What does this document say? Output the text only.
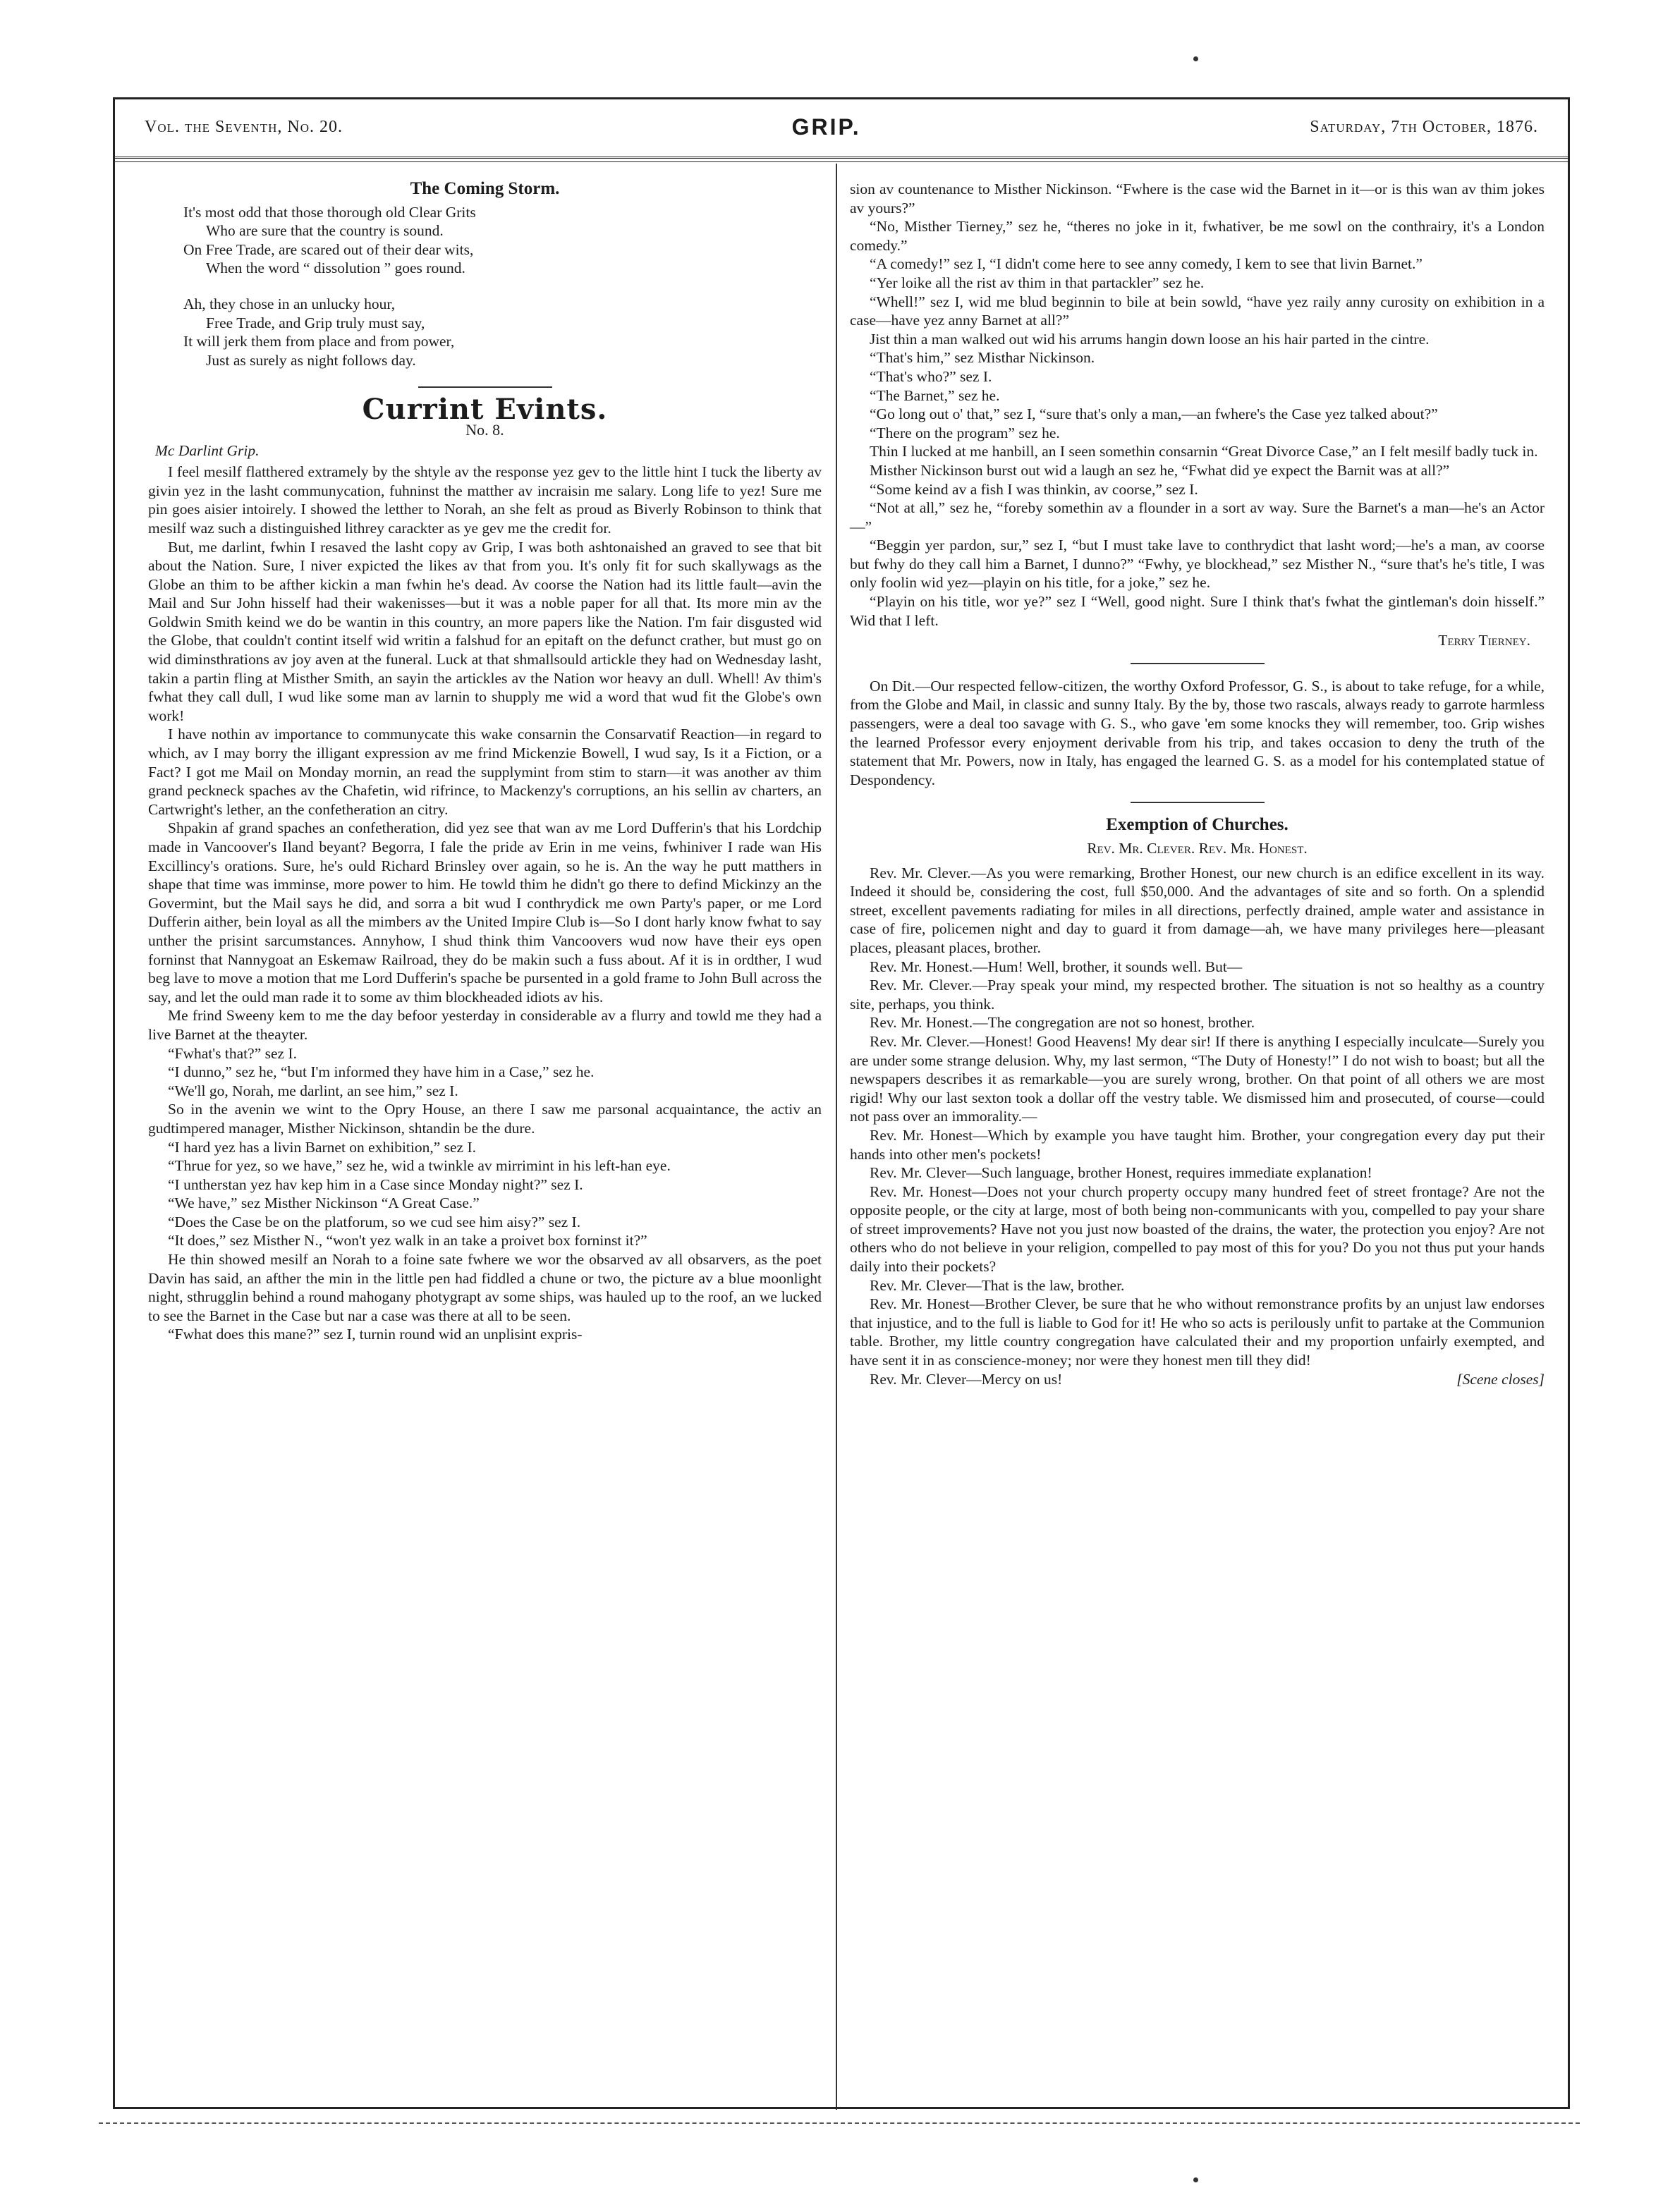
Vol. the Seventh, No. 20.	GRIP.	Saturday, 7th October, 1876.
The Coming Storm.

It's most odd that those thorough old Clear Grits

Who are sure that the country is sound.

On Free Trade, are scared out of their dear wits,

When the word “ dissolution ” goes round.

Ah, they chose in an unlucky hour,

Free Trade, and Grip truly must say,

It will jerk them from place and from power,

Just as surely as night follows day.

Currint Evints.
No. 8.
Mc Darlint Grip.

I feel mesilf flatthered extramely by the shtyle av the response yez gev to the little hint I tuck the liberty av givin yez in the lasht communycation, fuhninst the matther av incraisin me salary. Long life to yez! Sure me pin goes aisier intoirely. I showed the letther to Norah, an she felt as proud as Biverly Robinson to think that mesilf waz such a distinguished lithrey carackter as ye gev me the credit for.

But, me darlint, fwhin I resaved the lasht copy av Grip, I was both ashtonaished an graved to see that bit about the Nation. Sure, I niver expicted the likes av that from you. It's only fit for such skallywags as the Globe an thim to be afther kickin a man fwhin he's dead. Av coorse the Nation had its little fault—avin the Mail and Sur John hisself had their wakenisses—but it was a noble paper for all that. Its more min av the Goldwin Smith keind we do be wantin in this country, an more papers like the Nation. I'm fair disgusted wid the Globe, that couldn't contint itself wid writin a falshud for an epitaft on the defunct crather, but must go on wid diminsthrations av joy aven at the funeral. Luck at that shmallsould artickle they had on Wednesday lasht, takin a partin fling at Misther Smith, an sayin the artickles av the Nation wor heavy an dull. Whell! Av thim's fwhat they call dull, I wud like some man av larnin to shupply me wid a word that wud fit the Globe's own work!

I have nothin av importance to communycate this wake consarnin the Consarvatif Reaction—in regard to which, av I may borry the illigant expression av me frind Mickenzie Bowell, I wud say, Is it a Fiction, or a Fact? I got me Mail on Monday mornin, an read the supplymint from stim to starn—it was another av thim grand peckneck spaches av the Chafetin, wid rifrince, to Mackenzy's corruptions, an his sellin av charters, an Cartwright's lether, an the confetheration an citry.

Shpakin af grand spaches an confetheration, did yez see that wan av me Lord Dufferin's that his Lordchip made in Vancoover's Iland beyant? Begorra, I fale the pride av Erin in me veins, fwhiniver I rade wan His Excillincy's orations. Sure, he's ould Richard Brinsley over again, so he is. An the way he putt matthers in shape that time was imminse, more power to him. He towld thim he didn't go there to defind Mickinzy an the Govermint, but the Mail says he did, and sorra a bit wud I conthrydick me own Party's paper, or me Lord Dufferin aither, bein loyal as all the mimbers av the United Impire Club is—So I dont harly know fwhat to say unther the prisint sarcumstances. Annyhow, I shud think thim Vancoovers wud now have their eys open forninst that Nannygoat an Eskemaw Railroad, they do be makin such a fuss about. Af it is in ordther, I wud beg lave to move a motion that me Lord Dufferin's spache be pursented in a gold frame to John Bull across the say, and let the ould man rade it to some av thim blockheaded idiots av his.

Me frind Sweeny kem to me the day befoor yesterday in considerable av a flurry and towld me they had a live Barnet at the theayter.

“Fwhat's that?” sez I.

“I dunno,” sez he, “but I'm informed they have him in a Case,” sez he.

“We'll go, Norah, me darlint, an see him,” sez I.

So in the avenin we wint to the Opry House, an there I saw me parsonal acquaintance, the activ an gudtimpered manager, Misther Nickinson, shtandin be the dure.

“I hard yez has a livin Barnet on exhibition,” sez I.

“Thrue for yez, so we have,” sez he, wid a twinkle av mirrimint in his left-han eye.

“I untherstan yez hav kep him in a Case since Monday night?” sez I.

“We have,” sez Misther Nickinson “A Great Case.”

“Does the Case be on the platforum, so we cud see him aisy?” sez I.

“It does,” sez Misther N., “won't yez walk in an take a proivet box forninst it?”

He thin showed mesilf an Norah to a foine sate fwhere we wor the obsarved av all obsarvers, as the poet Davin has said, an afther the min in the little pen had fiddled a chune or two, the picture av a blue moonlight night, sthrugglin behind a round mahogany photygrapt av some ships, was hauled up to the roof, an we lucked to see the Barnet in the Case but nar a case was there at all to be seen.

“Fwhat does this mane?” sez I, turnin round wid an unplisint expris-

sion av countenance to Misther Nickinson. “Fwhere is the case wid the Barnet in it—or is this wan av thim jokes av yours?”

“No, Misther Tierney,” sez he, “theres no joke in it, fwhativer, be me sowl on the conthrairy, it's a London comedy.”

“A comedy!” sez I, “I didn't come here to see anny comedy, I kem to see that livin Barnet.”

“Yer loike all the rist av thim in that partackler” sez he.

“Whell!” sez I, wid me blud beginnin to bile at bein sowld, “have yez raily anny curosity on exhibition in a case—have yez anny Barnet at all?”

Jist thin a man walked out wid his arrums hangin down loose an his hair parted in the cintre.

“That's him,” sez Misthar Nickinson.

“That's who?” sez I.

“The Barnet,” sez he.

“Go long out o' that,” sez I, “sure that's only a man,—an fwhere's the Case yez talked about?”

“There on the program” sez he.

Thin I lucked at me hanbill, an I seen somethin consarnin “Great Divorce Case,” an I felt mesilf badly tuck in.

Misther Nickinson burst out wid a laugh an sez he, “Fwhat did ye expect the Barnit was at all?”

“Some keind av a fish I was thinkin, av coorse,” sez I.

“Not at all,” sez he, “foreby somethin av a flounder in a sort av way. Sure the Barnet's a man—he's an Actor—”

“Beggin yer pardon, sur,” sez I, “but I must take lave to conthrydict that lasht word;—he's a man, av coorse but fwhy do they call him a Barnet, I dunno?” “Fwhy, ye blockhead,” sez Misther N., “sure that's he's title, I was only foolin wid yez—playin on his title, for a joke,” sez he.

“Playin on his title, wor ye?” sez I “Well, good night. Sure I think that's fwhat the gintleman's doin hisself.” Wid that I left.

Terry Tierney.

On Dit.—Our respected fellow-citizen, the worthy Oxford Professor, G. S., is about to take refuge, for a while, from the Globe and Mail, in classic and sunny Italy. By the by, those two rascals, always ready to garrote harmless passengers, were a deal too savage with G. S., who gave 'em some knocks they will remember, too. Grip wishes the learned Professor every enjoyment derivable from his trip, and takes occasion to deny the truth of the statement that Mr. Powers, now in Italy, has engaged the learned G. S. as a model for his contemplated statue of Despondency.

Exemption of Churches.
Rev. Mr. Clever. Rev. Mr. Honest.

Rev. Mr. Clever.—As you were remarking, Brother Honest, our new church is an edifice excellent in its way. Indeed it should be, considering the cost, full $50,000. And the advantages of site and so forth. On a splendid street, excellent pavements radiating for miles in all directions, perfectly drained, ample water and assistance in case of fire, policemen night and day to guard it from damage—ah, we have many privileges here—pleasant places, pleasant places, brother.

Rev. Mr. Honest.—Hum! Well, brother, it sounds well. But—

Rev. Mr. Clever.—Pray speak your mind, my respected brother. The situation is not so healthy as a country site, perhaps, you think.

Rev. Mr. Honest.—The congregation are not so honest, brother.

Rev. Mr. Clever.—Honest! Good Heavens! My dear sir! If there is anything I especially inculcate—Surely you are under some strange delusion. Why, my last sermon, “The Duty of Honesty!” I do not wish to boast; but all the newspapers describes it as remarkable—you are surely wrong, brother. On that point of all others we are most rigid! Why our last sexton took a dollar off the vestry table. We dismissed him and prosecuted, of course—could not pass over an immorality.—

Rev. Mr. Honest—Which by example you have taught him. Brother, your congregation every day put their hands into other men's pockets!

Rev. Mr. Clever—Such language, brother Honest, requires immediate explanation!

Rev. Mr. Honest—Does not your church property occupy many hundred feet of street frontage? Are not the opposite people, or the city at large, most of both being non-communicants with you, compelled to pay your share of street improvements? Have not you just now boasted of the drains, the water, the protection you enjoy? Are not others who do not believe in your religion, compelled to pay most of this for you? Do you not thus put your hands daily into their pockets?

Rev. Mr. Clever—That is the law, brother.

Rev. Mr. Honest—Brother Clever, be sure that he who without remonstrance profits by an unjust law endorses that injustice, and to the full is liable to God for it! He who so acts is perilously unfit to partake at the Communion table. Brother, my little country congregation have calculated their and my proportion unfairly exempted, and have sent it in as conscience-money; nor were they honest men till they did!

Rev. Mr. Clever—Mercy on us!	[Scene closes]
